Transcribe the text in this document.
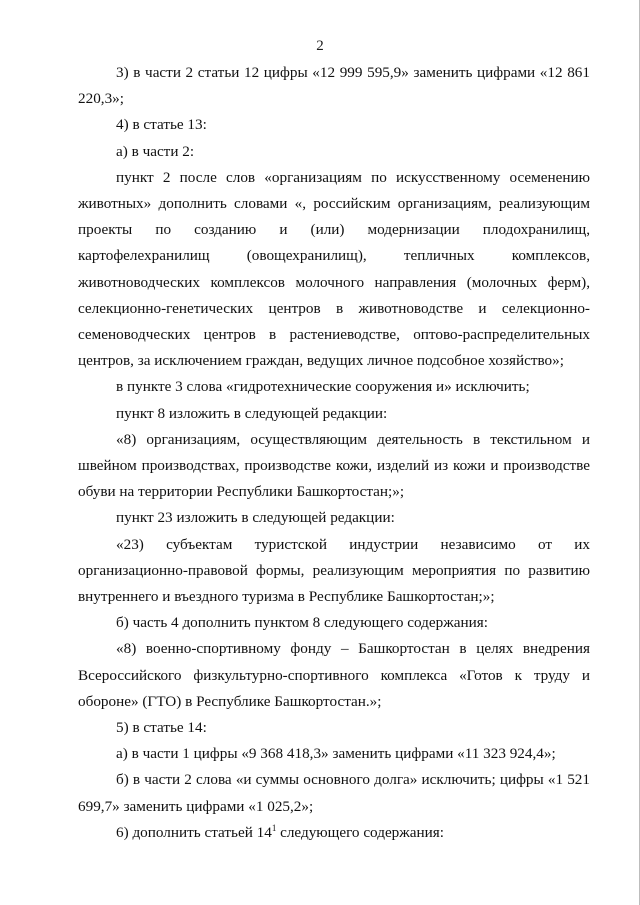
2

3) в части 2 статьи 12 цифры «12 999 595,9» заменить цифрами «12 861 220,3»;

4) в статье 13:

а) в части 2:

пункт 2 после слов «организациям по искусственному осеменению животных» дополнить словами «, российским организациям, реализующим проекты по созданию и (или) модернизации плодохранилищ, картофелехранилищ (овощехранилищ), тепличных комплексов, животноводческих комплексов молочного направления (молочных ферм), селекционно-генетических центров в животноводстве и селекционно-семеноводческих центров в растениеводстве, оптово-распределительных центров, за исключением граждан, ведущих личное подсобное хозяйство»;

в пункте 3 слова «гидротехнические сооружения и» исключить;

пункт 8 изложить в следующей редакции:

«8) организациям, осуществляющим деятельность в текстильном и швейном производствах, производстве кожи, изделий из кожи и производстве обуви на территории Республики Башкортостан;»;

пункт 23 изложить в следующей редакции:

«23) субъектам туристской индустрии независимо от их организационно-правовой формы, реализующим мероприятия по развитию внутреннего и въездного туризма в Республике Башкортостан;»;

б) часть 4 дополнить пунктом 8 следующего содержания:

«8) военно-спортивному фонду – Башкортостан в целях внедрения Всероссийского физкультурно-спортивного комплекса «Готов к труду и обороне» (ГТО) в Республике Башкортостан.»;

5) в статье 14:

а) в части 1 цифры «9 368 418,3» заменить цифрами «11 323 924,4»;

б) в части 2 слова «и суммы основного долга» исключить; цифры «1 521 699,7» заменить цифрами «1 025,2»;

6) дополнить статьей $14^1$ следующего содержания:
